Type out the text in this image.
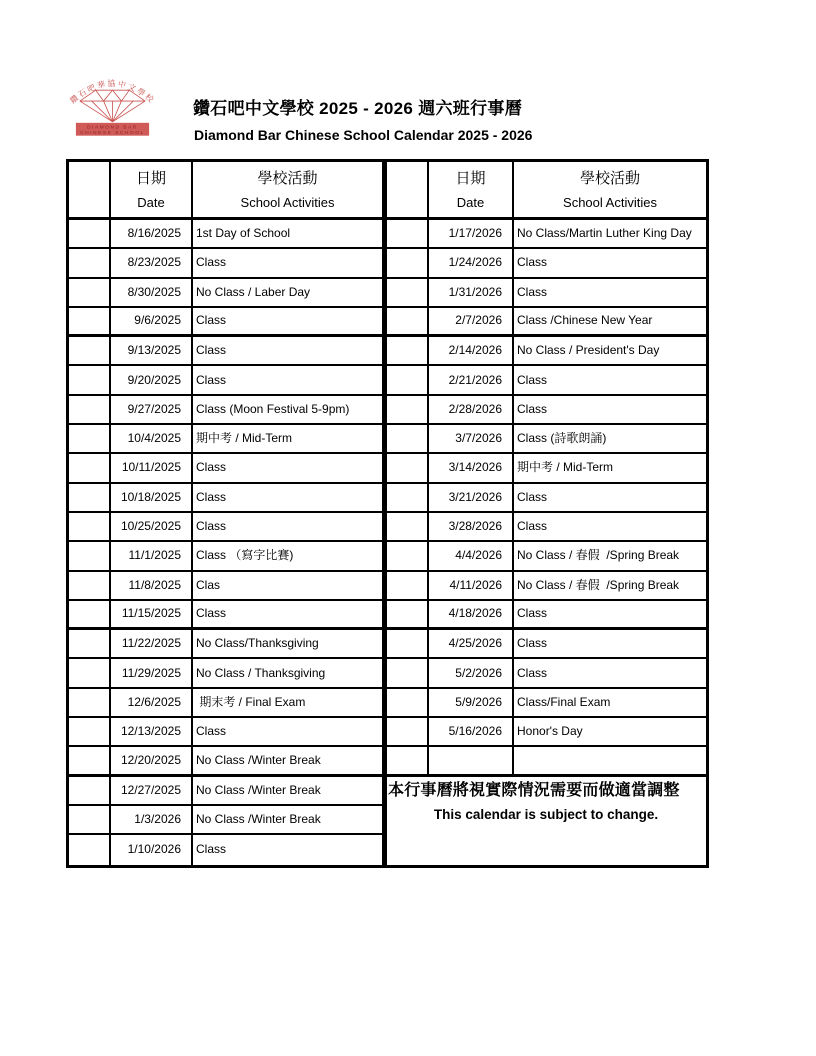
鑽石吧華協中文學校
DIAMOND BAR
CHINESE SCHOOL
鑽石吧中文學校 2025 - 2026 週六班行事曆
Diamond Bar Chinese School Calendar 2025 - 2026
日期
Date
學校活動
School Activities
日期
Date
學校活動
School Activities
本行事曆將視實際情況需要而做適當調整
This calendar is subject to change.
8/16/2025	1st Day of School
8/23/2025	Class
8/30/2025	No Class / Laber Day
9/6/2025	Class
9/13/2025	Class
9/20/2025	Class
9/27/2025	Class (Moon Festival 5-9pm)
10/4/2025	期中考 / Mid-Term
10/11/2025	Class
10/18/2025	Class
10/25/2025	Class
11/1/2025	Class （寫字比賽)
11/8/2025	Clas
11/15/2025	Class
11/22/2025	No Class/Thanksgiving
11/29/2025	No Class / Thanksgiving
12/6/2025	期末考 / Final Exam
12/13/2025	Class
12/20/2025	No Class /Winter Break
12/27/2025	No Class /Winter Break
1/3/2026	No Class /Winter Break
1/10/2026	Class
1/17/2026	No Class/Martin Luther King Day
1/24/2026	Class
1/31/2026	Class
2/7/2026	Class /Chinese New Year
2/14/2026	No Class / President's Day
2/21/2026	Class
2/28/2026	Class
3/7/2026	Class (詩歌朗誦)
3/14/2026	期中考 / Mid-Term
3/21/2026	Class
3/28/2026	Class
4/4/2026	No Class / 春假  /Spring Break
4/11/2026	No Class / 春假  /Spring Break
4/18/2026	Class
4/25/2026	Class
5/2/2026	Class
5/9/2026	Class/Final Exam
5/16/2026	Honor's Day
